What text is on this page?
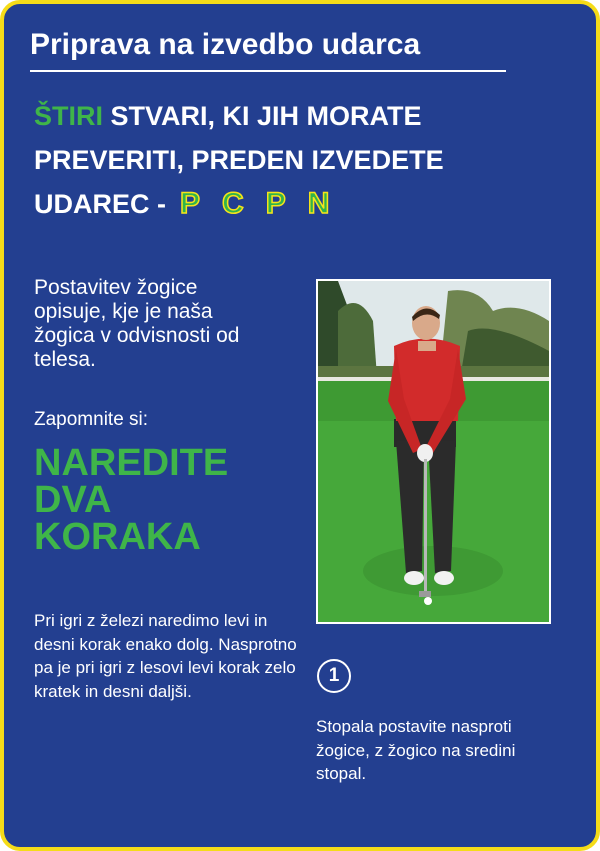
Priprava na izvedbo udarca
ŠTIRI STVARI, KI JIH MORATE
PREVERITI, PREDEN IZVEDETE
UDAREC - P C P N
Postavitev žogice opisuje, kje je naša žogica v odvisnosti od telesa.
Zapomnite si:
NAREDITE
DVA
KORAKA
Pri igri z železi naredimo levi in desni korak enako dolg. Nasprotno pa je pri igri z lesovi levi korak zelo kratek in desni daljši.
1
Stopala postavite nasproti žogice, z žogico na sredini stopal.
